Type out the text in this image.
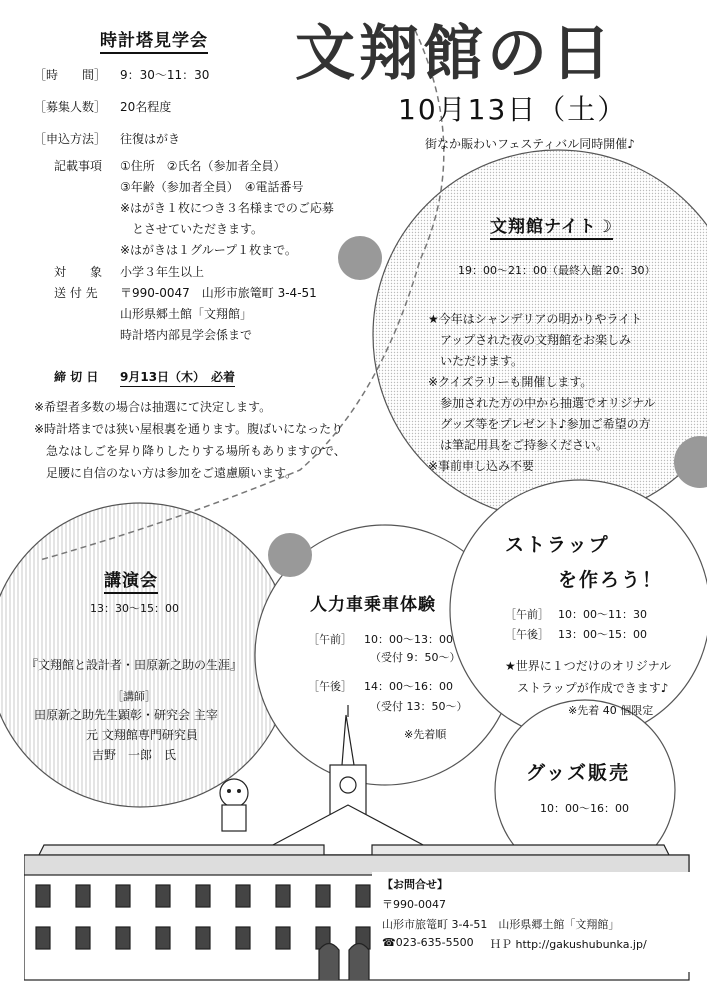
文翔館の日
10月13日（土）
街なか賑わいフェスティバル同時開催♪
時計塔見学会
［時　　間］ 9：30～11：30
［募集人数］ 20名程度
［申込方法］ 往復はがき
記載事項 ①住所　②氏名（参加者全員）
③年齢（参加者全員）　④電話番号
※はがき１枚につき３名様までのご応募
とさせていただきます。
※はがきは１グループ１枚まで。
対　　象 小学３年生以上
送 付 先 〒990-0047　山形市旅篭町 3-4-51
山形県郷土館「文翔館」
時計塔内部見学会係まで
締 切 日 9月13日（木）　必着
※希望者多数の場合は抽選にて決定します。
※時計塔までは狭い屋根裏を通ります。腹ばいになったり
急なはしごを昇り降りしたりする場所もありますので、
足腰に自信のない方は参加をご遠慮願います。
文翔館ナイト☽
19：00～21：00（最終入館 20：30）
★今年はシャンデリアの明かりやライト
アップされた夜の文翔館をお楽しみ
いただけます。
※クイズラリーも開催します。
参加された方の中から抽選でオリジナル
グッズ等をプレゼント♪参加ご希望の方
は筆記用具をご持参ください。
※事前申し込み不要
講演会
13：30～15：00
『文翔館と設計者・田原新之助の生涯』
［講師］
田原新之助先生顕彰・研究会 主宰
元 文翔館専門研究員
吉野　一郎　氏
人力車乗車体験
［午前］ 10：00～13：00
（受付 9：50～）
［午後］ 14：00～16：00
（受付 13：50～）
※先着順
ストラップ
を作ろう！
［午前］ 10：00～11：30
［午後］ 13：00～15：00
★世界に１つだけのオリジナル
ストラップが作成できます♪
※先着 40 個限定
グッズ販売
10：00～16：00
【お問合せ】
〒990-0047
山形市旅篭町 3-4-51　山形県郷土館「文翔館」
☎023-635-5500 ＨＰ http://gakushubunka.jp/
